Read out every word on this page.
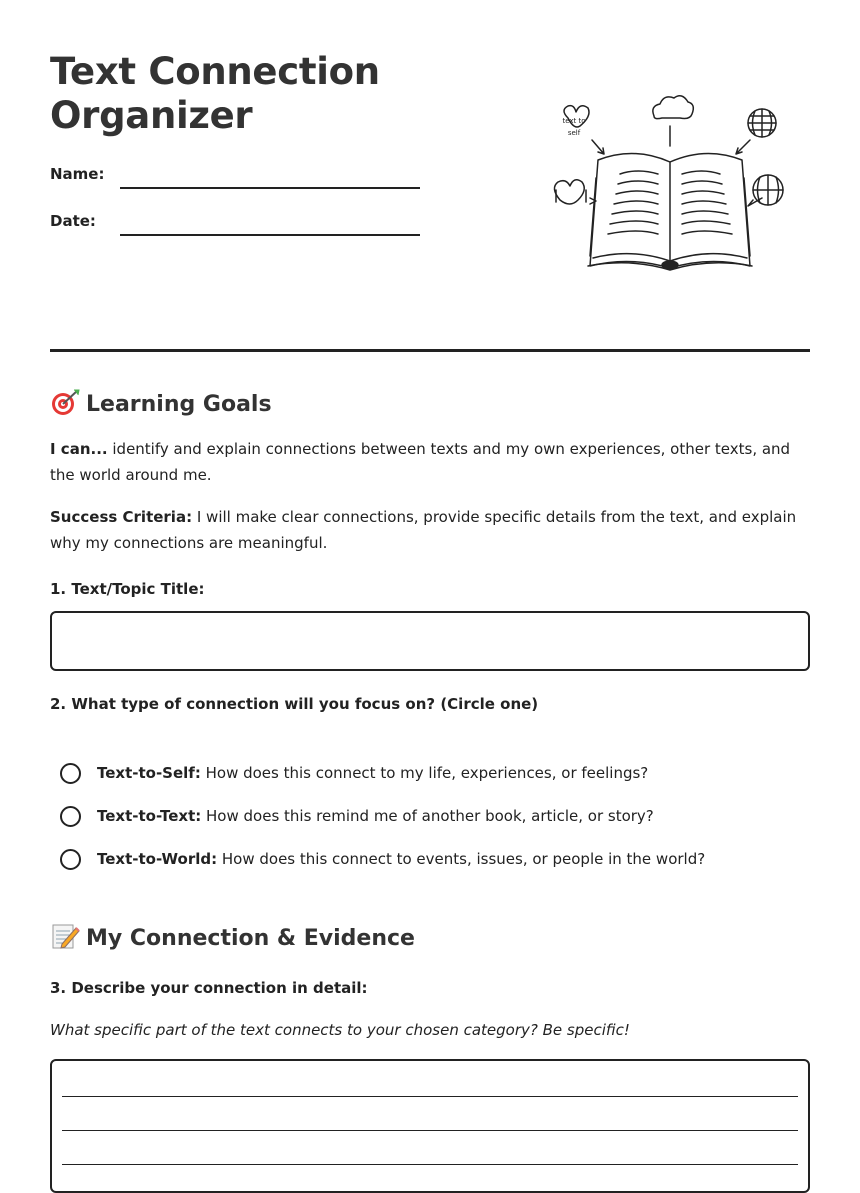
Text Connection
Organizer
Name:
Date:
text to
self
Learning Goals

I can... identify and explain connections between texts and my own experiences, other texts, and the world around me.

Success Criteria: I will make clear connections, provide specific details from the text, and explain why my connections are meaningful.

1. Text/Topic Title:

2. What type of connection will you focus on? (Circle one)

Text-to-Self: How does this connect to my life, experiences, or feelings?
Text-to-Text: How does this remind me of another book, article, or story?
Text-to-World: How does this connect to events, issues, or people in the world?
My Connection & Evidence

3. Describe your connection in detail:

What specific part of the text connects to your chosen category? Be specific!
